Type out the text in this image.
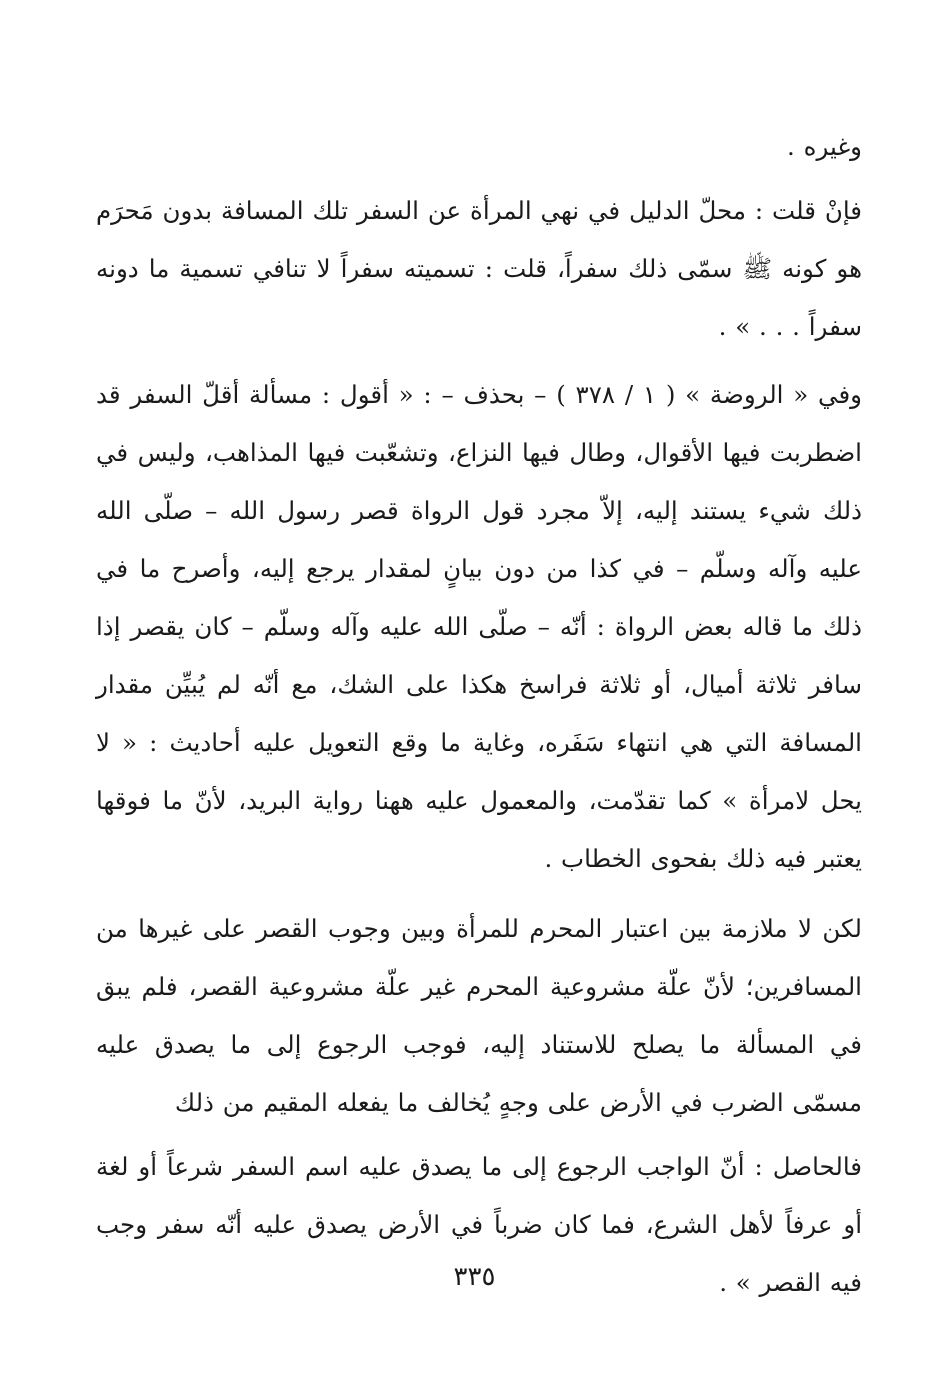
وغيره .

فإنْ قلت : محلّ الدليل في نهي المرأة عن السفر تلك المسافة بدون مَحرَم هو كونه ﷺ سمّى ذلك سفراً، قلت : تسميته سفراً لا تنافي تسمية ما دونه سفراً . . . » .

وفي « الروضة » ( ١ / ٣٧٨ ) – بحذف – : « أقول : مسألة أقلّ السفر قد اضطربت فيها الأقوال، وطال فيها النزاع، وتشعّبت فيها المذاهب، وليس في ذلك شيء يستند إليه، إلاّ مجرد قول الرواة قصر رسول الله – صلّى الله عليه وآله وسلّم – في كذا من دون بيانٍ لمقدار يرجع إليه، وأصرح ما في ذلك ما قاله بعض الرواة : أنّه – صلّى الله عليه وآله وسلّم – كان يقصر إذا سافر ثلاثة أميال، أو ثلاثة فراسخ هكذا على الشك، مع أنّه لم يُبيِّن مقدار المسافة التي هي انتهاء سَفَره، وغاية ما وقع التعويل عليه أحاديث : « لا يحل لامرأة » كما تقدّمت، والمعمول عليه ههنا رواية البريد، لأنّ ما فوقها يعتبر فيه ذلك بفحوى الخطاب .

لكن لا ملازمة بين اعتبار المحرم للمرأة وبين وجوب القصر على غيرها من المسافرين؛ لأنّ علّة مشروعية المحرم غير علّة مشروعية القصر، فلم يبق في المسألة ما يصلح للاستناد إليه، فوجب الرجوع إلى ما يصدق عليه مسمّى الضرب في الأرض على وجهٍ يُخالف ما يفعله المقيم من ذلك

فالحاصل : أنّ الواجب الرجوع إلى ما يصدق عليه اسم السفر شرعاً أو لغة أو عرفاً لأهل الشرع، فما كان ضرباً في الأرض يصدق عليه أنّه سفر وجب فيه القصر » .

٣٣٥
